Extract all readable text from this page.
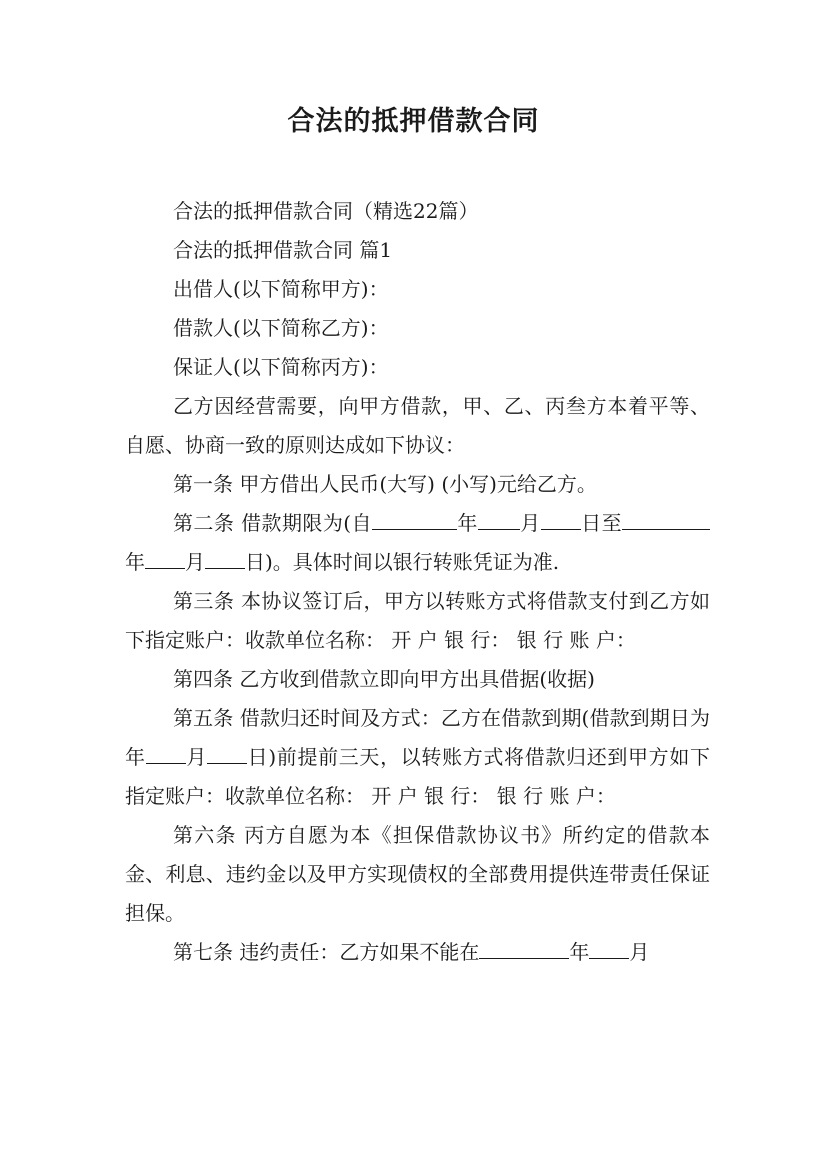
合法的抵押借款合同

合法的抵押借款合同（精选22篇）

合法的抵押借款合同 篇1

出借人(以下简称甲方)：

借款人(以下简称乙方)：

保证人(以下简称丙方)：

乙方因经营需要，向甲方借款，甲、乙、丙叁方本着平等、自愿、协商一致的原则达成如下协议：

第一条 甲方借出人民币(大写) (小写)元给乙方。

第二条 借款期限为(自	年 月 日至年 月 日)。具体时间以银行转账凭证为准.

第三条 本协议签订后，甲方以转账方式将借款支付到乙方如下指定账户：收款单位名称： 开 户 银 行： 银 行 账 户：

第四条 乙方收到借款立即向甲方出具借据(收据)

第五条 借款归还时间及方式：乙方在借款到期(借款到期日为年 月 日)前提前三天，以转账方式将借款归还到甲方如下指定账户：收款单位名称： 开 户 银 行： 银 行 账 户：

第六条 丙方自愿为本《担保借款协议书》所约定的借款本金、利息、违约金以及甲方实现债权的全部费用提供连带责任保证担保。

第七条 违约责任：乙方如果不能在	年 月
